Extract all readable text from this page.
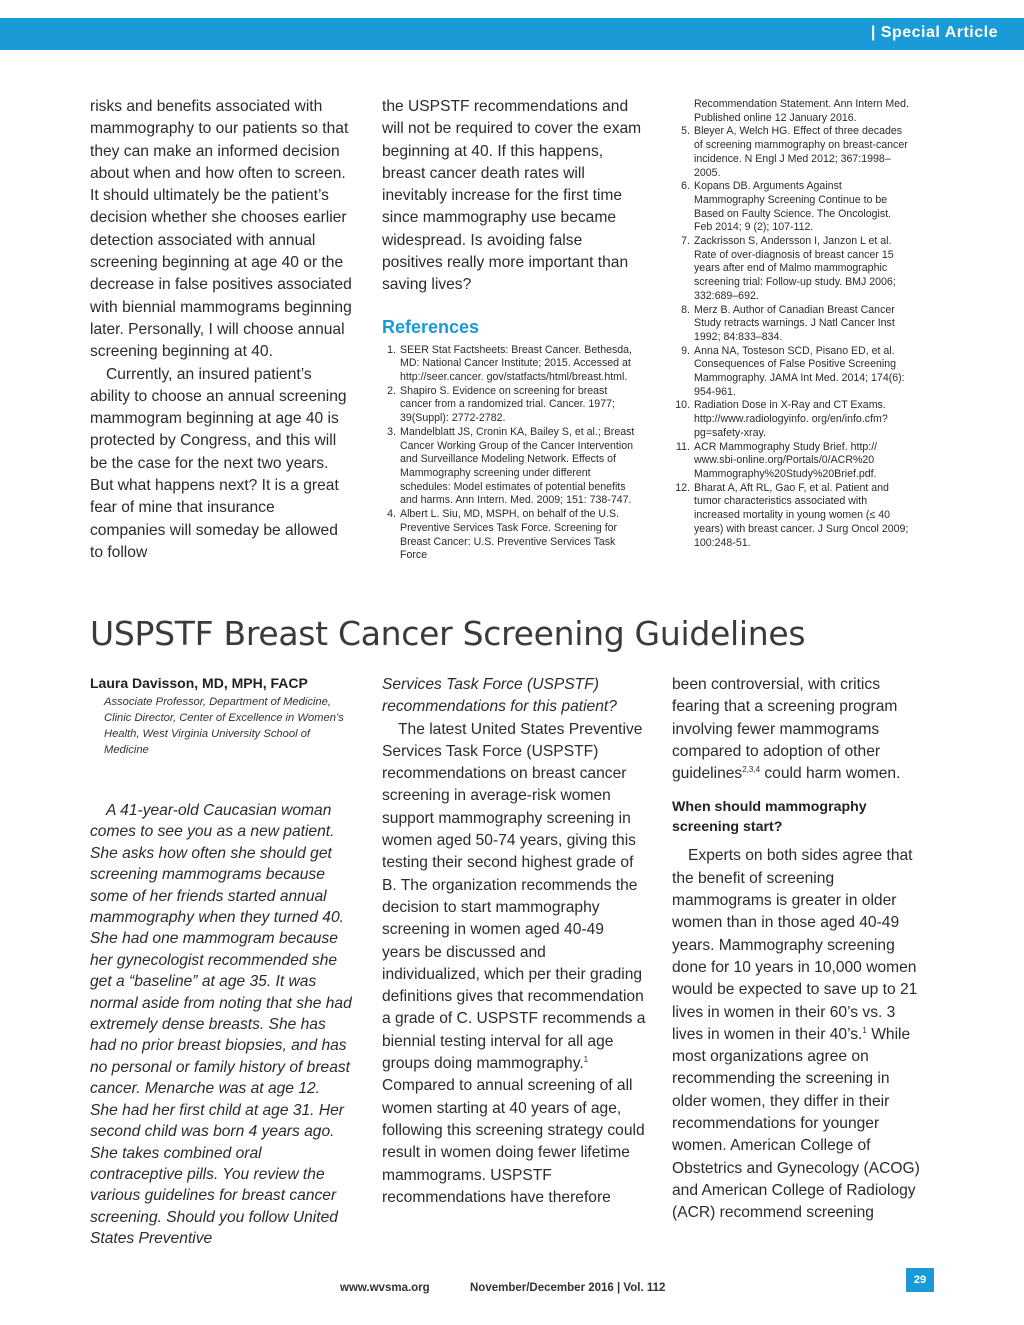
| Special Article

risks and benefits associated with mammography to our patients so that they can make an informed decision about when and how often to screen. It should ultimately be the patient’s decision whether she chooses earlier detection associated with annual screening beginning at age 40 or the decrease in false positives associated with biennial mammograms beginning later. Personally, I will choose annual screening beginning at 40.

Currently, an insured patient’s ability to choose an annual screening mammogram beginning at age 40 is protected by Congress, and this will be the case for the next two years. But what happens next? It is a great fear of mine that insurance companies will someday be allowed to follow

the USPSTF recommendations and will not be required to cover the exam beginning at 40. If this happens, breast cancer death rates will inevitably increase for the first time since mammography use became widespread. Is avoiding false positives really more important than saving lives?

References
1. SEER Stat Factsheets: Breast Cancer. Bethesda, MD: National Cancer Institute; 2015. Accessed at http://seer.cancer. gov/statfacts/html/breast.html.
2. Shapiro S. Evidence on screening for breast cancer from a randomized trial. Cancer. 1977; 39(Suppl): 2772-2782.
3. Mandelblatt JS, Cronin KA, Bailey S, et al.; Breast Cancer Working Group of the Cancer Intervention and Surveillance Modeling Network. Effects of Mammography screening under different schedules: Model estimates of potential benefits and harms. Ann Intern. Med. 2009; 151: 738-747.
4. Albert L. Siu, MD, MSPH, on behalf of the U.S. Preventive Services Task Force. Screening for Breast Cancer: U.S. Preventive Services Task Force
Recommendation Statement. Ann Intern Med. Published online 12 January 2016.
5. Bleyer A, Welch HG. Effect of three decades of screening mammography on breast-cancer incidence. N Engl J Med 2012; 367:1998–2005.
6. Kopans DB. Arguments Against Mammography Screening Continue to be Based on Faulty Science. The Oncologist. Feb 2014; 9 (2); 107-112.
7. Zackrisson S, Andersson I, Janzon L et al. Rate of over-diagnosis of breast cancer 15 years after end of Malmo mammographic screening trial: Follow-up study. BMJ 2006; 332:689–692.
8. Merz B. Author of Canadian Breast Cancer Study retracts warnings. J Natl Cancer Inst 1992; 84:833–834.
9. Anna NA, Tosteson SCD, Pisano ED, et al. Consequences of False Positive Screening Mammography. JAMA Int Med. 2014; 174(6): 954-961.
10. Radiation Dose in X-Ray and CT Exams. http://www.radiologyinfo. org/en/info.cfm?pg=safety-xray.
11. ACR Mammography Study Brief. http:// www.sbi-online.org/Portals/0/ACR%20 Mammography%20Study%20Brief.pdf.
12. Bharat A, Aft RL, Gao F, et al. Patient and tumor characteristics associated with increased mortality in young women (≤ 40 years) with breast cancer. J Surg Oncol 2009; 100:248-51.
USPSTF Breast Cancer Screening Guidelines
Laura Davisson, MD, MPH, FACP
Associate Professor, Department of Medicine, Clinic Director, Center of Excellence in Women’s Health, West Virginia University School of Medicine

A 41-year-old Caucasian woman comes to see you as a new patient. She asks how often she should get screening mammograms because some of her friends started annual mammography when they turned 40. She had one mammogram because her gynecologist recommended she get a “baseline” at age 35. It was normal aside from noting that she had extremely dense breasts. She has had no prior breast biopsies, and has no personal or family history of breast cancer. Menarche was at age 12. She had her first child at age 31. Her second child was born 4 years ago. She takes combined oral contraceptive pills. You review the various guidelines for breast cancer screening. Should you follow United States Preventive

Services Task Force (USPSTF) recommendations for this patient?

The latest United States Preventive Services Task Force (USPSTF) recommendations on breast cancer screening in average-risk women support mammography screening in women aged 50-74 years, giving this testing their second highest grade of B. The organization recommends the decision to start mammography screening in women aged 40-49 years be discussed and individualized, which per their grading definitions gives that recommendation a grade of C. USPSTF recommends a biennial testing interval for all age groups doing mammography.$^1$ Compared to annual screening of all women starting at 40 years of age, following this screening strategy could result in women doing fewer lifetime mammograms. USPSTF recommendations have therefore

been controversial, with critics fearing that a screening program involving fewer mammograms compared to adoption of other guidelines$^{2,3,4}$ could harm women.

When should mammography screening start?

Experts on both sides agree that the benefit of screening mammograms is greater in older women than in those aged 40-49 years. Mammography screening done for 10 years in 10,000 women would be expected to save up to 21 lives in women in their 60’s vs. 3 lives in women in their 40’s.$^1$ While most organizations agree on recommending the screening in older women, they differ in their recommendations for younger women. American College of Obstetrics and Gynecology (ACOG) and American College of Radiology (ACR) recommend screening

www.wvsma.org	November/December 2016 | Vol. 112
29
